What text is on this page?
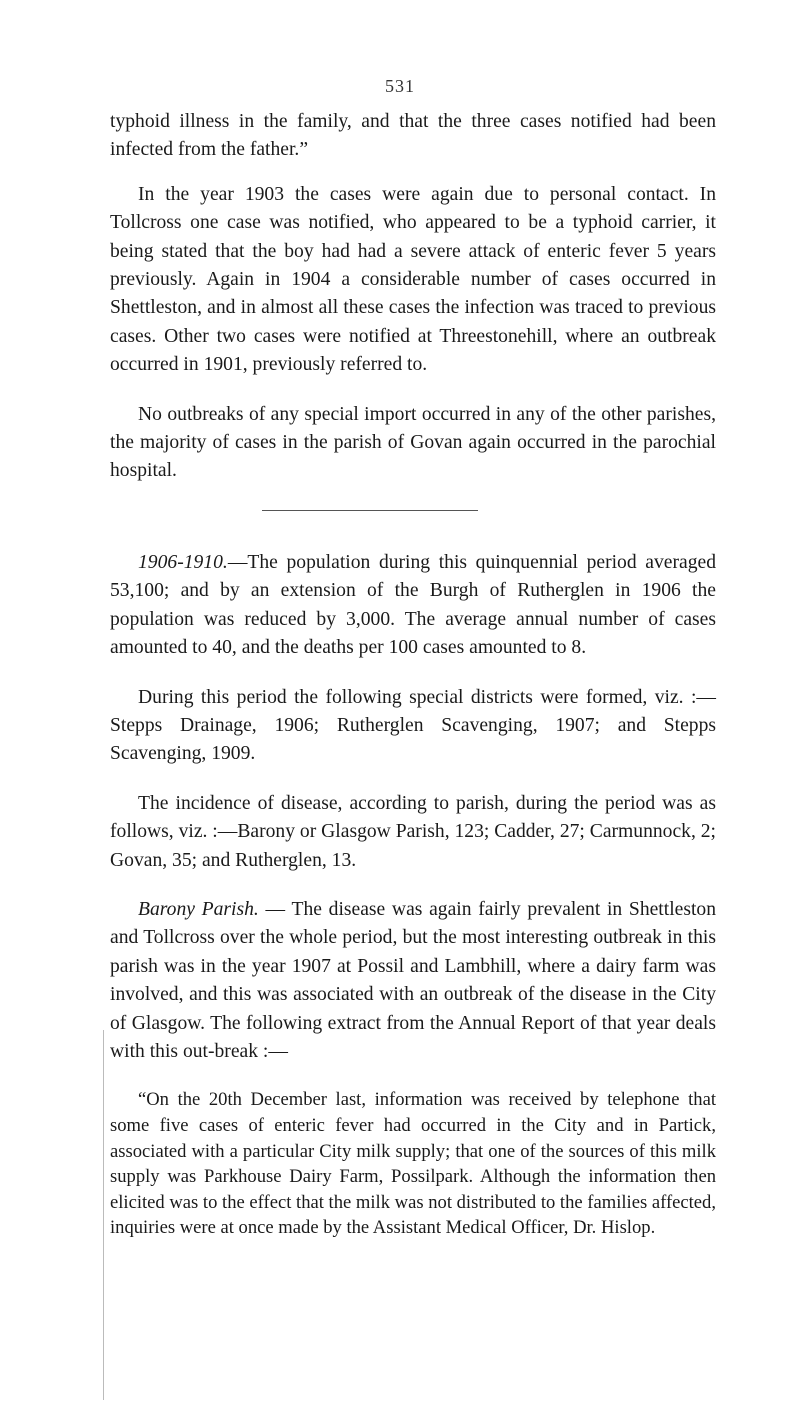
531

typhoid illness in the family, and that the three cases notified had been infected from the father.”

In the year 1903 the cases were again due to personal contact. In Tollcross one case was notified, who appeared to be a typhoid carrier, it being stated that the boy had had a severe attack of enteric fever 5 years previously. Again in 1904 a considerable number of cases occurred in Shettleston, and in almost all these cases the infection was traced to previous cases. Other two cases were notified at Threestonehill, where an outbreak occurred in 1901, previously referred to.

No outbreaks of any special import occurred in any of the other parishes, the majority of cases in the parish of Govan again occurred in the parochial hospital.

1906-1910.—The population during this quinquennial period averaged 53,100; and by an extension of the Burgh of Rutherglen in 1906 the population was reduced by 3,000. The average annual number of cases amounted to 40, and the deaths per 100 cases amounted to 8.

During this period the following special districts were formed, viz. :—Stepps Drainage, 1906; Rutherglen Scavenging, 1907; and Stepps Scavenging, 1909.

The incidence of disease, according to parish, during the period was as follows, viz. :—Barony or Glasgow Parish, 123; Cadder, 27; Carmunnock, 2; Govan, 35; and Rutherglen, 13.

Barony Parish. — The disease was again fairly prevalent in Shettleston and Tollcross over the whole period, but the most interesting outbreak in this parish was in the year 1907 at Possil and Lambhill, where a dairy farm was involved, and this was associated with an outbreak of the disease in the City of Glasgow. The following extract from the Annual Report of that year deals with this out-break :—

“On the 20th December last, information was received by telephone that some five cases of enteric fever had occurred in the City and in Partick, associated with a particular City milk supply; that one of the sources of this milk supply was Parkhouse Dairy Farm, Possilpark. Although the information then elicited was to the effect that the milk was not distributed to the families affected, inquiries were at once made by the Assistant Medical Officer, Dr. Hislop.
